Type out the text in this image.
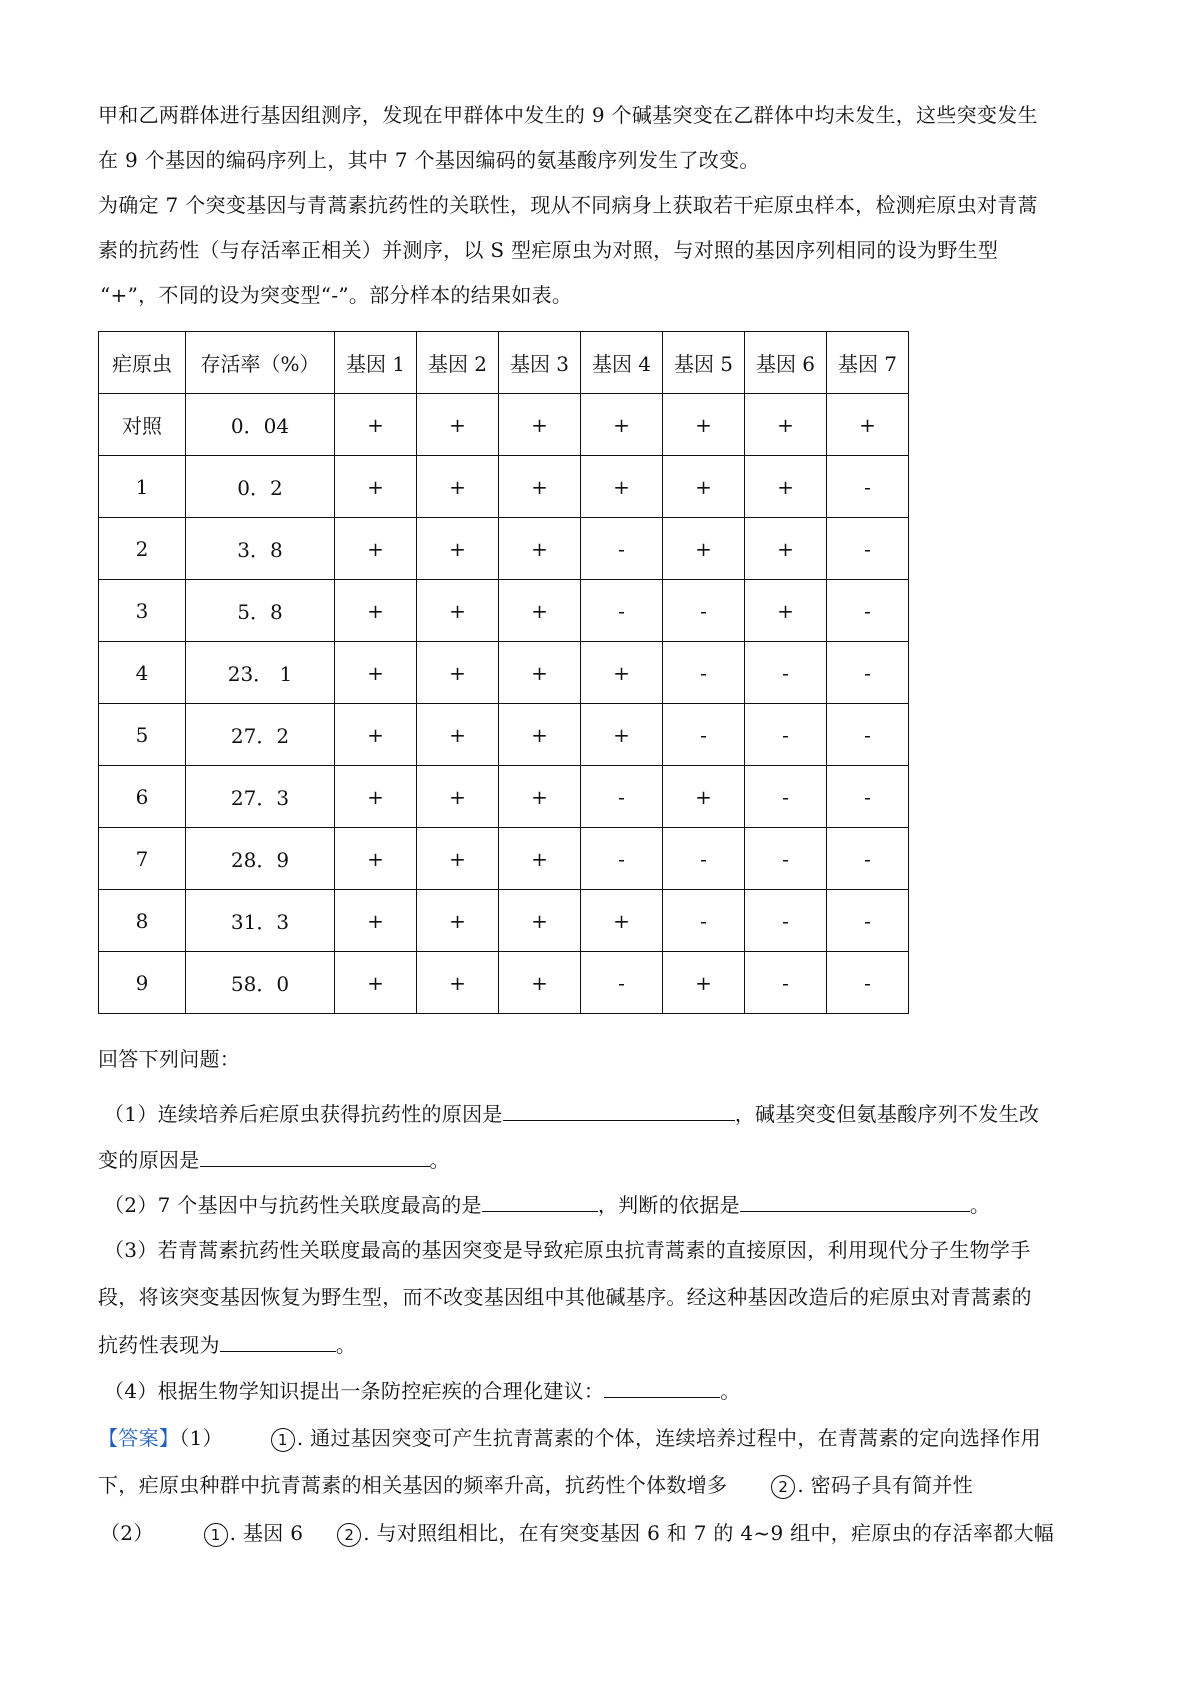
甲和乙两群体进行基因组测序，发现在甲群体中发生的 9 个碱基突变在乙群体中均未发生，这些突变发生
在 9 个基因的编码序列上，其中 7 个基因编码的氨基酸序列发生了改变。
为确定 7 个突变基因与青蒿素抗药性的关联性，现从不同病身上获取若干疟原虫样本，检测疟原虫对青蒿
素的抗药性（与存活率正相关）并测序，以 S 型疟原虫为对照，与对照的基因序列相同的设为野生型
“+”，不同的设为突变型“-”。部分样本的结果如表。
疟原虫	存活率（%）	基因 1	基因 2	基因 3	基因 4	基因 5	基因 6	基因 7
对照	0．04	+	+	+	+	+	+	+
1	0．2	+	+	+	+	+	+	-
2	3．8	+	+	+	-	+	+	-
3	5．8	+	+	+	-	-	+	-
4	23． 1	+	+	+	+	-	-	-
5	27．2	+	+	+	+	-	-	-
6	27．3	+	+	+	-	+	-	-
7	28．9	+	+	+	-	-	-	-
8	31．3	+	+	+	+	-	-	-
9	58．0	+	+	+	-	+	-	-
回答下列问题：
（1）连续培养后疟原虫获得抗药性的原因是	，碱基突变但氨基酸序列不发生改
变的原因是	。
（2）7 个基因中与抗药性关联度最高的是	，判断的依据是	。
（3）若青蒿素抗药性关联度最高的基因突变是导致疟原虫抗青蒿素的直接原因，利用现代分子生物学手
段，将该突变基因恢复为野生型，而不改变基因组中其他碱基序。经这种基因改造后的疟原虫对青蒿素的
抗药性表现为	。
（4）根据生物学知识提出一条防控疟疾的合理化建议：	。
【答案】（1）	1 . 通过基因突变可产生抗青蒿素的个体，连续培养过程中，在青蒿素的定向选择作用
下，疟原虫种群中抗青蒿素的相关基因的频率升高，抗药性个体数增多	2 . 密码子具有简并性
（2）	1 . 基因 6	2 . 与对照组相比，在有突变基因 6 和 7 的 4~9 组中，疟原虫的存活率都大幅
